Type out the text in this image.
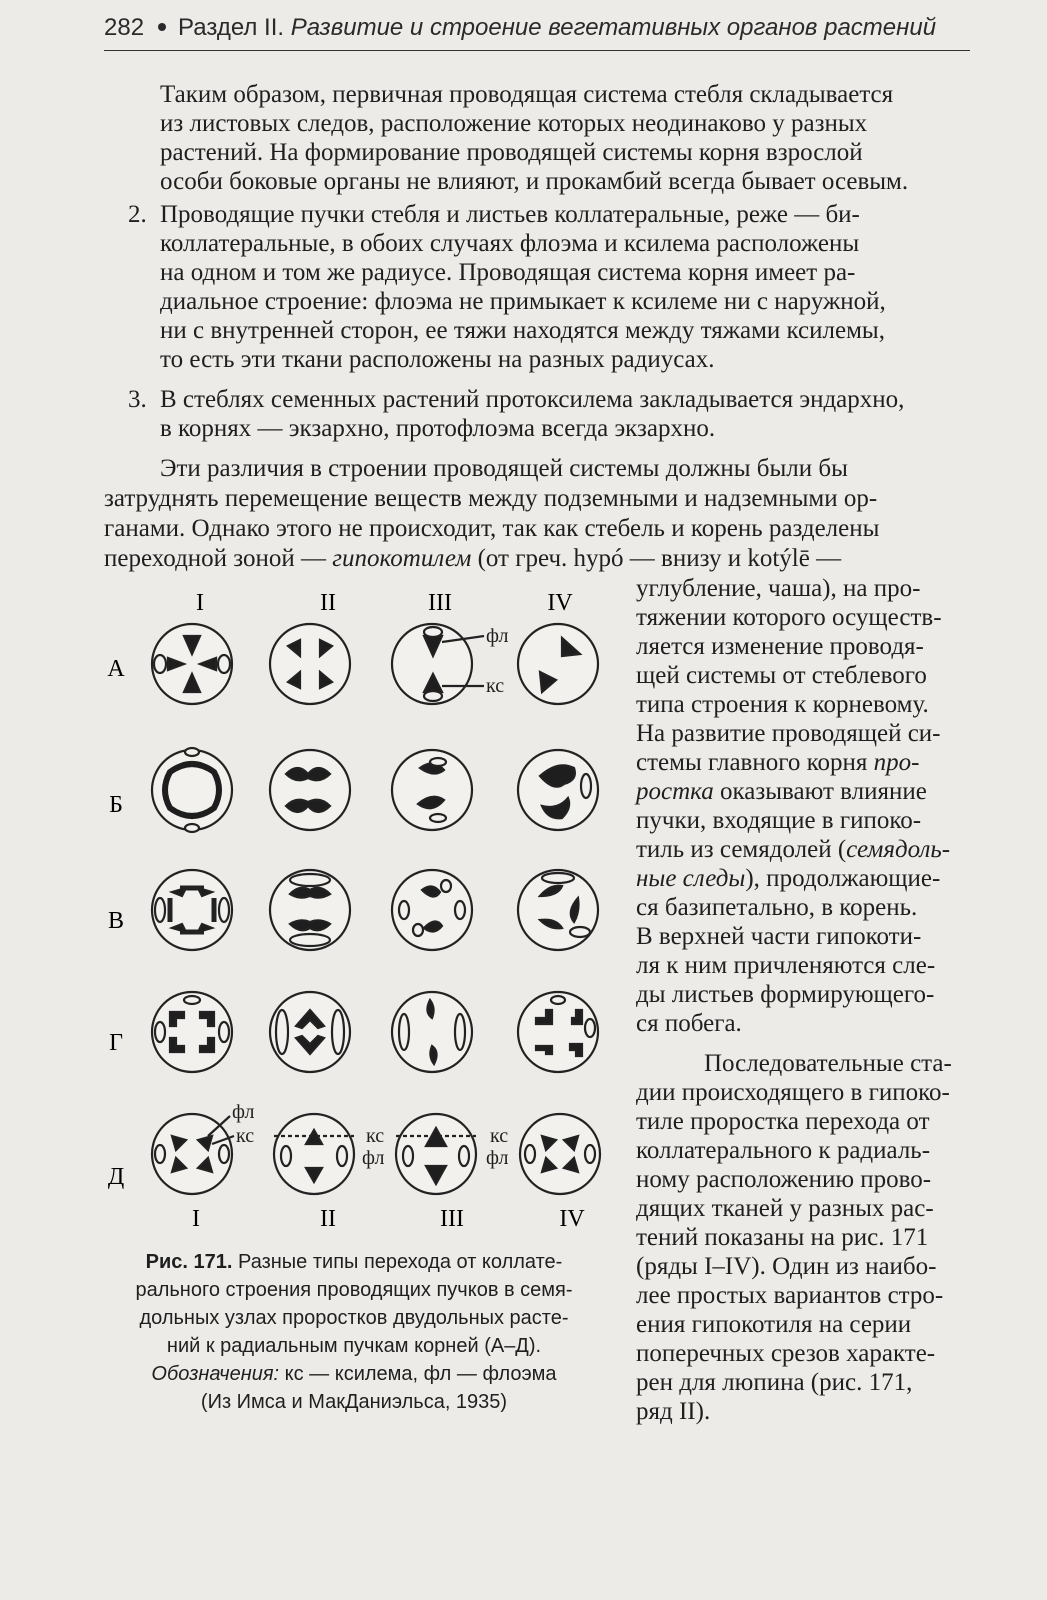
282 Раздел II. Развитие и строение вегетативных органов растений
Таким образом, первичная проводящая система стебля складывается
из листовых следов, расположение которых неодинаково у разных
растений. На формирование проводящей системы корня взрослой
особи боковые органы не влияют, и прокамбий всегда бывает осевым.
2. Проводящие пучки стебля и листьев коллатеральные, реже — би-
коллатеральные, в обоих случаях флоэма и ксилема расположены
на одном и том же радиусе. Проводящая система корня имеет ра-
диальное строение: флоэма не примыкает к ксилеме ни с наружной,
ни с внутренней сторон, ее тяжи находятся между тяжами ксилемы,
то есть эти ткани расположены на разных радиусах.
3. В стеблях семенных растений протоксилема закладывается эндархно,
в корнях — экзархно, протофлоэма всегда экзархно.
Эти различия в строении проводящей системы должны были бы
затруднять перемещение веществ между подземными и надземными ор-
ганами. Однако этого не происходит, так как стебель и корень разделены
переходной зоной — гипокотилем (от греч. hypó — внизу и kotýlē —
углубление, чаша), на про-
тяжении которого осуществ-
ляется изменение проводя-
щей системы от стеблевого
типа строения к корневому.
На развитие проводящей си-
стемы главного корня про-
ростка оказывают влияние
пучки, входящие в гипоко-
тиль из семядолей (семядоль-
ные следы), продолжающие-
ся базипетально, в корень.
В верхней части гипокоти-
ля к ним причленяются сле-
ды листьев формирующего-
ся побега.
Последовательные ста-
дии происходящего в гипоко-
тиле проростка перехода от
коллатерального к радиаль-
ному расположению прово-
дящих тканей у разных рас-
тений показаны на рис. 171
(ряды I–IV). Один из наибо-
лее простых вариантов стро-
ения гипокотиля на серии
поперечных срезов характе-
рен для люпина (рис. 171,
ряд II).
I	II	III	IV
А
Б
В
Г
Д
фл
кс
фл
кс	кс
фл
кс
фл
I	II	III	IV
Рис. 171. Разные типы перехода от коллате-
рального строения проводящих пучков в семя-
дольных узлах проростков двудольных расте-
ний к радиальным пучкам корней (А–Д).
Обозначения: кс — ксилема, фл — флоэма
(Из Имса и МакДаниэльса, 1935)
